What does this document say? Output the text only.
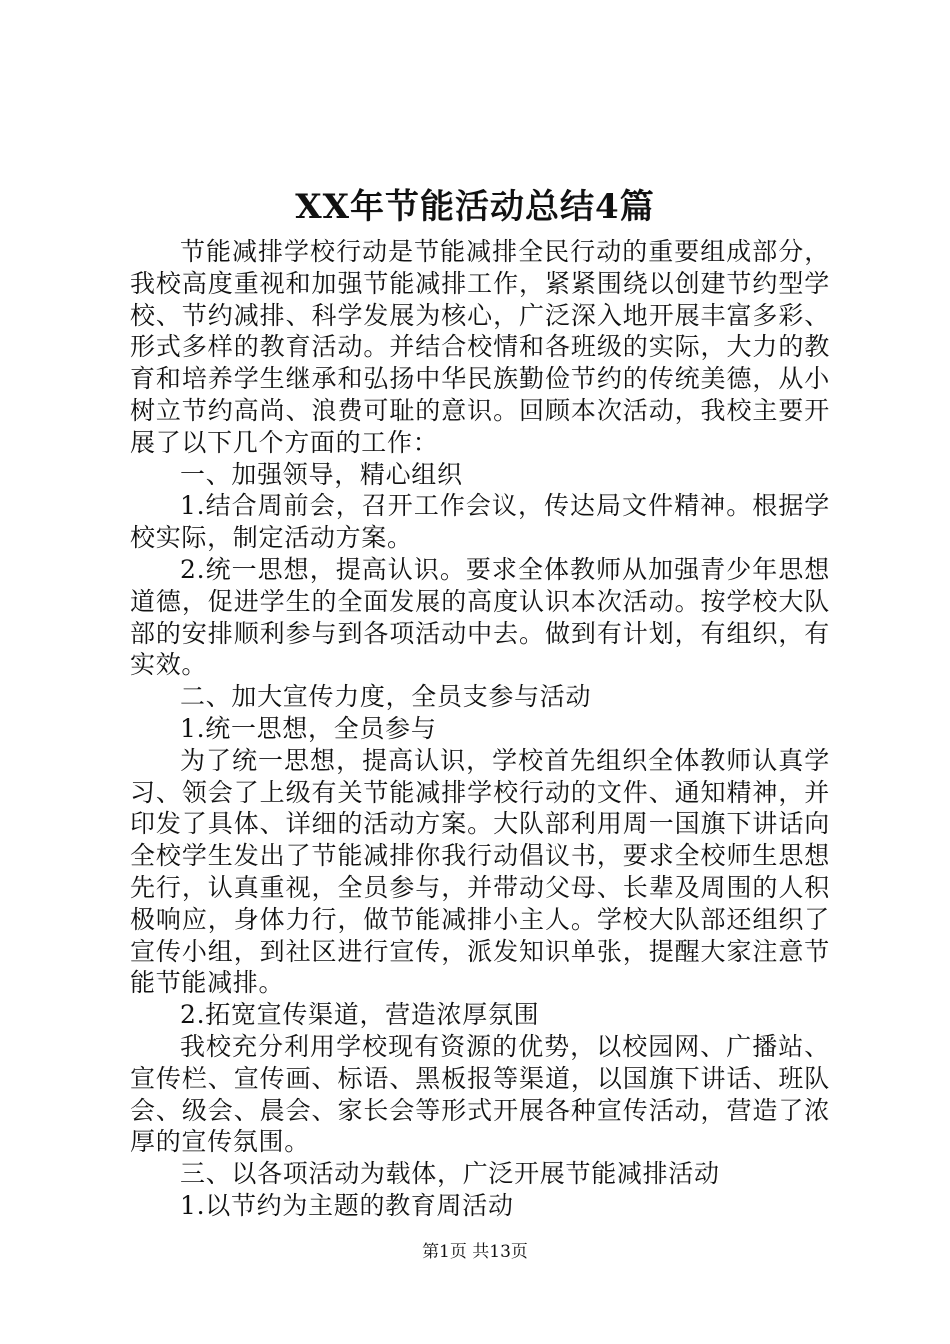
XX年节能活动总结4篇

节能减排学校行动是节能减排全民行动的重要组成部分，我校高度重视和加强节能减排工作，紧紧围绕以创建节约型学校、节约减排、科学发展为核心，广泛深入地开展丰富多彩、形式多样的教育活动。并结合校情和各班级的实际，大力的教育和培养学生继承和弘扬中华民族勤俭节约的传统美德，从小树立节约高尚、浪费可耻的意识。回顾本次活动，我校主要开展了以下几个方面的工作：

一、加强领导，精心组织

1.结合周前会，召开工作会议，传达局文件精神。根据学校实际，制定活动方案。

2.统一思想，提高认识。要求全体教师从加强青少年思想道德，促进学生的全面发展的高度认识本次活动。按学校大队部的安排顺利参与到各项活动中去。做到有计划，有组织，有实效。

二、加大宣传力度，全员支参与活动

1.统一思想，全员参与

为了统一思想，提高认识，学校首先组织全体教师认真学习、领会了上级有关节能减排学校行动的文件、通知精神，并印发了具体、详细的活动方案。大队部利用周一国旗下讲话向全校学生发出了节能减排你我行动倡议书，要求全校师生思想先行，认真重视，全员参与，并带动父母、长辈及周围的人积极响应，身体力行，做节能减排小主人。学校大队部还组织了宣传小组，到社区进行宣传，派发知识单张，提醒大家注意节能节能减排。

2.拓宽宣传渠道，营造浓厚氛围

我校充分利用学校现有资源的优势，以校园网、广播站、宣传栏、宣传画、标语、黑板报等渠道，以国旗下讲话、班队会、级会、晨会、家长会等形式开展各种宣传活动，营造了浓厚的宣传氛围。

三、以各项活动为载体，广泛开展节能减排活动

1.以节约为主题的教育周活动

第1页 共13页
